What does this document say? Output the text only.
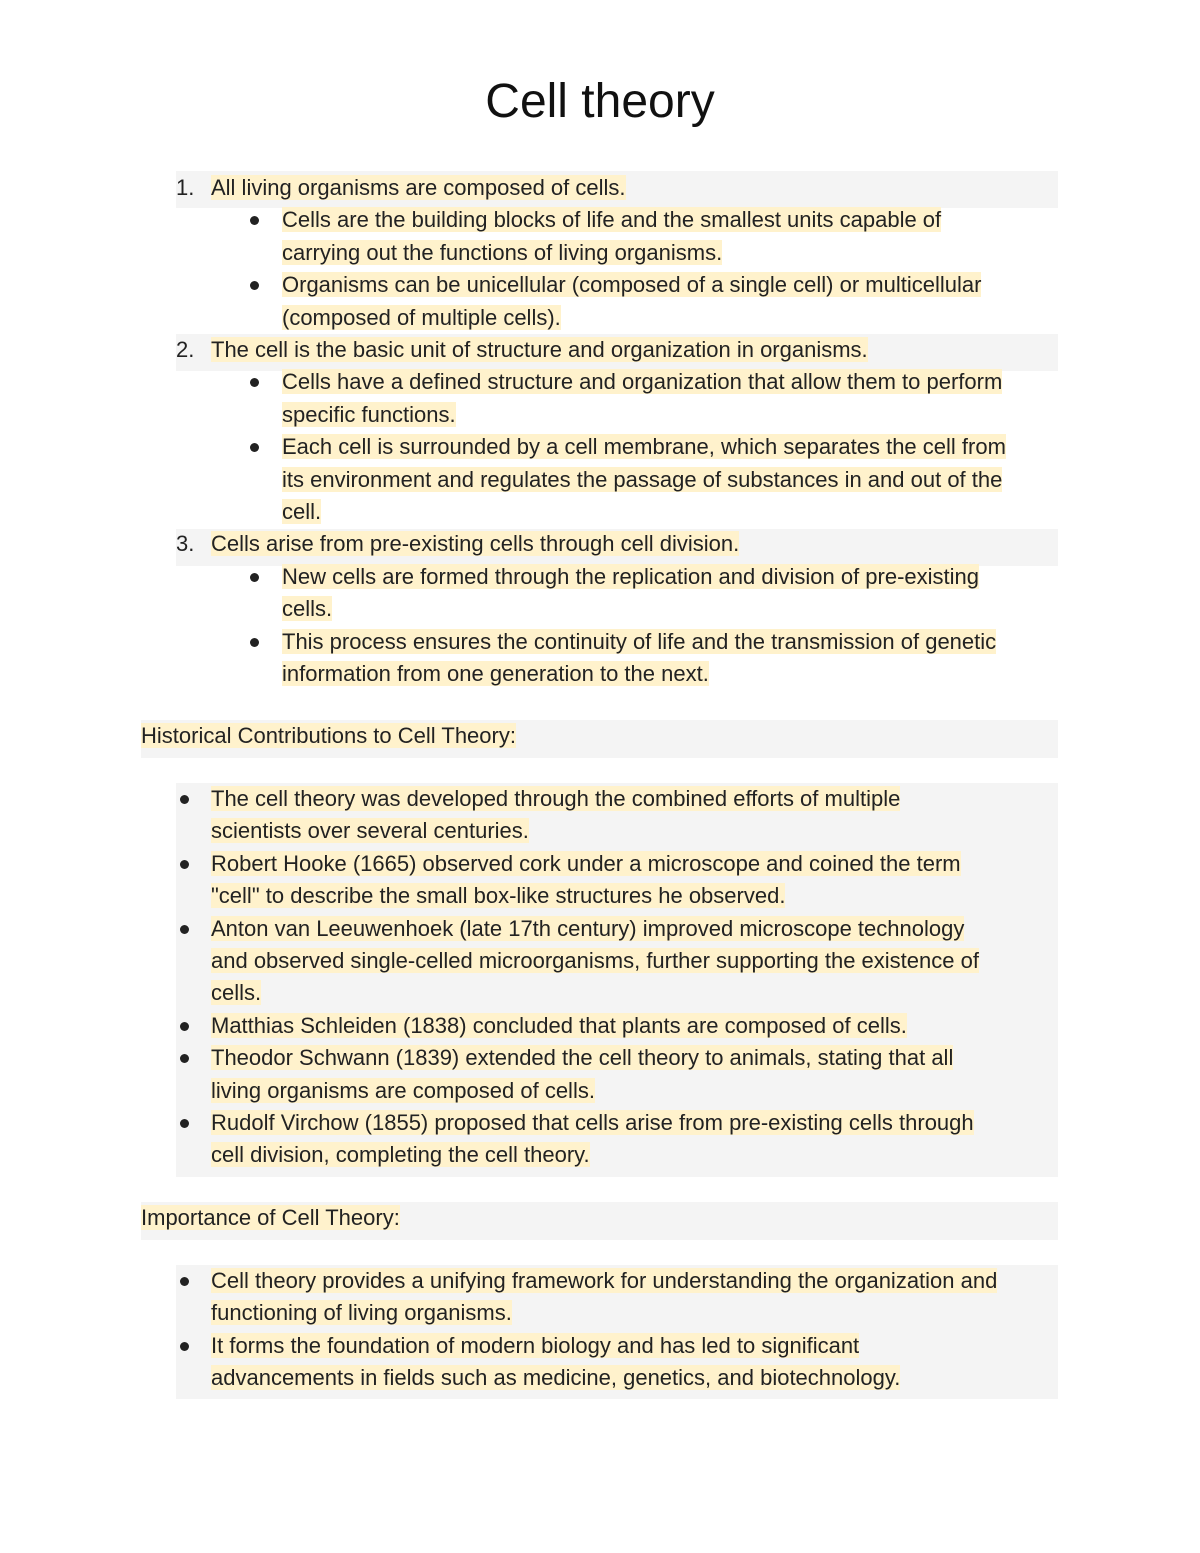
Cell theory
1. All living organisms are composed of cells.
Cells are the building blocks of life and the smallest units capable of
carrying out the functions of living organisms.
Organisms can be unicellular (composed of a single cell) or multicellular
(composed of multiple cells).
2. The cell is the basic unit of structure and organization in organisms.
Cells have a defined structure and organization that allow them to perform
specific functions.
Each cell is surrounded by a cell membrane, which separates the cell from
its environment and regulates the passage of substances in and out of the
cell.
3. Cells arise from pre-existing cells through cell division.
New cells are formed through the replication and division of pre-existing
cells.
This process ensures the continuity of life and the transmission of genetic
information from one generation to the next.
Historical Contributions to Cell Theory:
The cell theory was developed through the combined efforts of multiple
scientists over several centuries.
Robert Hooke (1665) observed cork under a microscope and coined the term
"cell" to describe the small box-like structures he observed.
Anton van Leeuwenhoek (late 17th century) improved microscope technology
and observed single-celled microorganisms, further supporting the existence of
cells.
Matthias Schleiden (1838) concluded that plants are composed of cells.
Theodor Schwann (1839) extended the cell theory to animals, stating that all
living organisms are composed of cells.
Rudolf Virchow (1855) proposed that cells arise from pre-existing cells through
cell division, completing the cell theory.
Importance of Cell Theory:
Cell theory provides a unifying framework for understanding the organization and
functioning of living organisms.
It forms the foundation of modern biology and has led to significant
advancements in fields such as medicine, genetics, and biotechnology.
